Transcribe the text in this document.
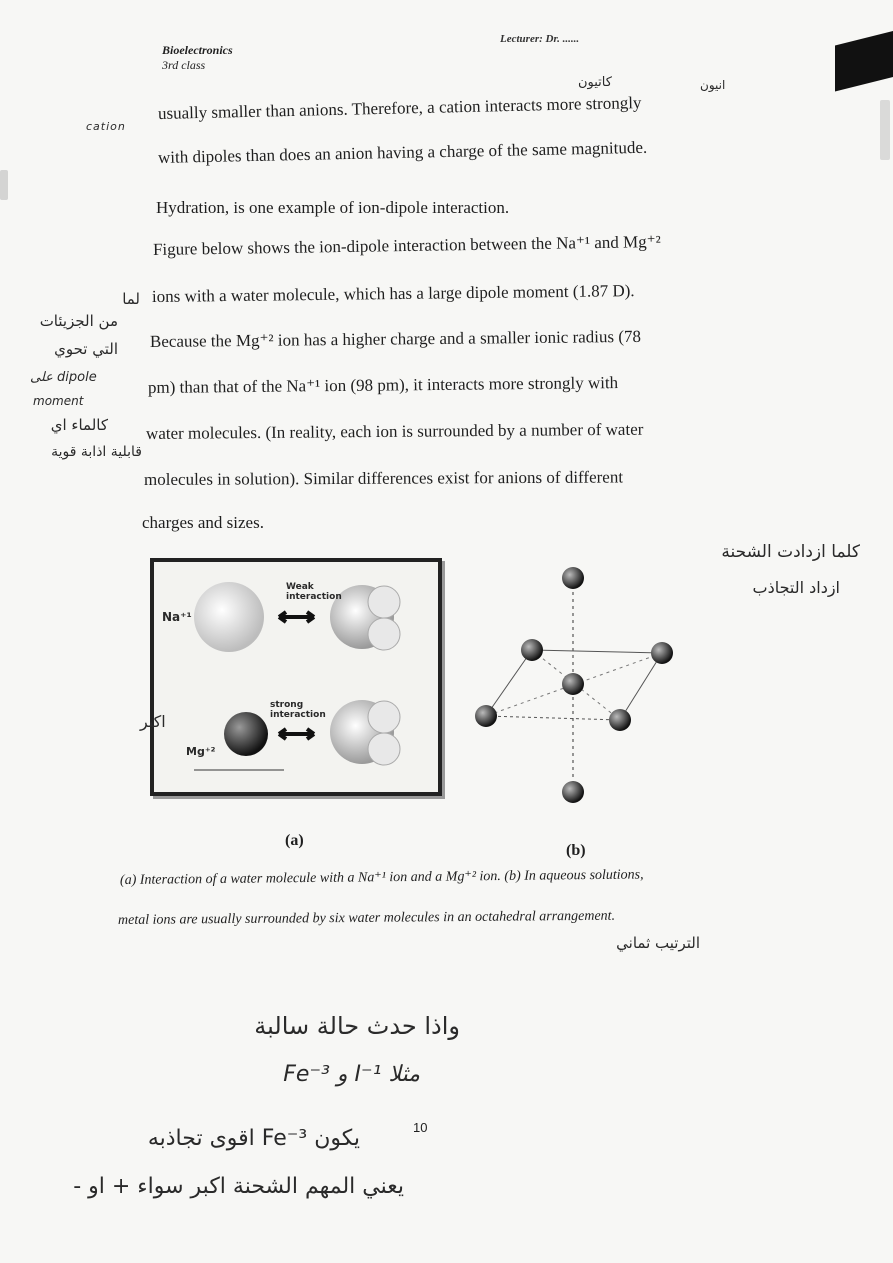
Bioelectronics
3rd class
Lecturer: Dr. ......
كاتيون	انيون
cation
usually smaller than anions. Therefore, a cation interacts more strongly
with dipoles than does an anion having a charge of the same magnitude.
Hydration, is one example of ion-dipole interaction.
Figure below shows the ion-dipole interaction between the Na⁺¹ and Mg⁺²
ions with a water molecule, which has a large dipole moment (1.87 D).
Because the Mg⁺² ion has a higher charge and a smaller ionic radius (78
pm) than that of the Na⁺¹ ion (98 pm), it interacts more strongly with
water molecules. (In reality, each ion is surrounded by a number of water
molecules in solution). Similar differences exist for anions of different
charges and sizes.
لما
من الجزيئات
التي تحوي
على dipole
moment
كالماء اي
قابلية اذابة قوية
كلما ازدادت الشحنة
ازداد التجاذب
Weak interaction
strong interaction
Na⁺¹
Mg⁺²
اكبر
(a)
(b)
(a) Interaction of a water molecule with a Na⁺¹ ion and a Mg⁺² ion. (b) In aqueous solutions,
metal ions are usually surrounded by six water molecules in an octahedral arrangement.
الترتيب ثماني
واذا حدث حالة سالبة
مثلا I⁻¹ و Fe⁻³
يكون Fe⁻³ اقوى تجاذبه
يعني المهم الشحنة اكبر سواء + او -
10
